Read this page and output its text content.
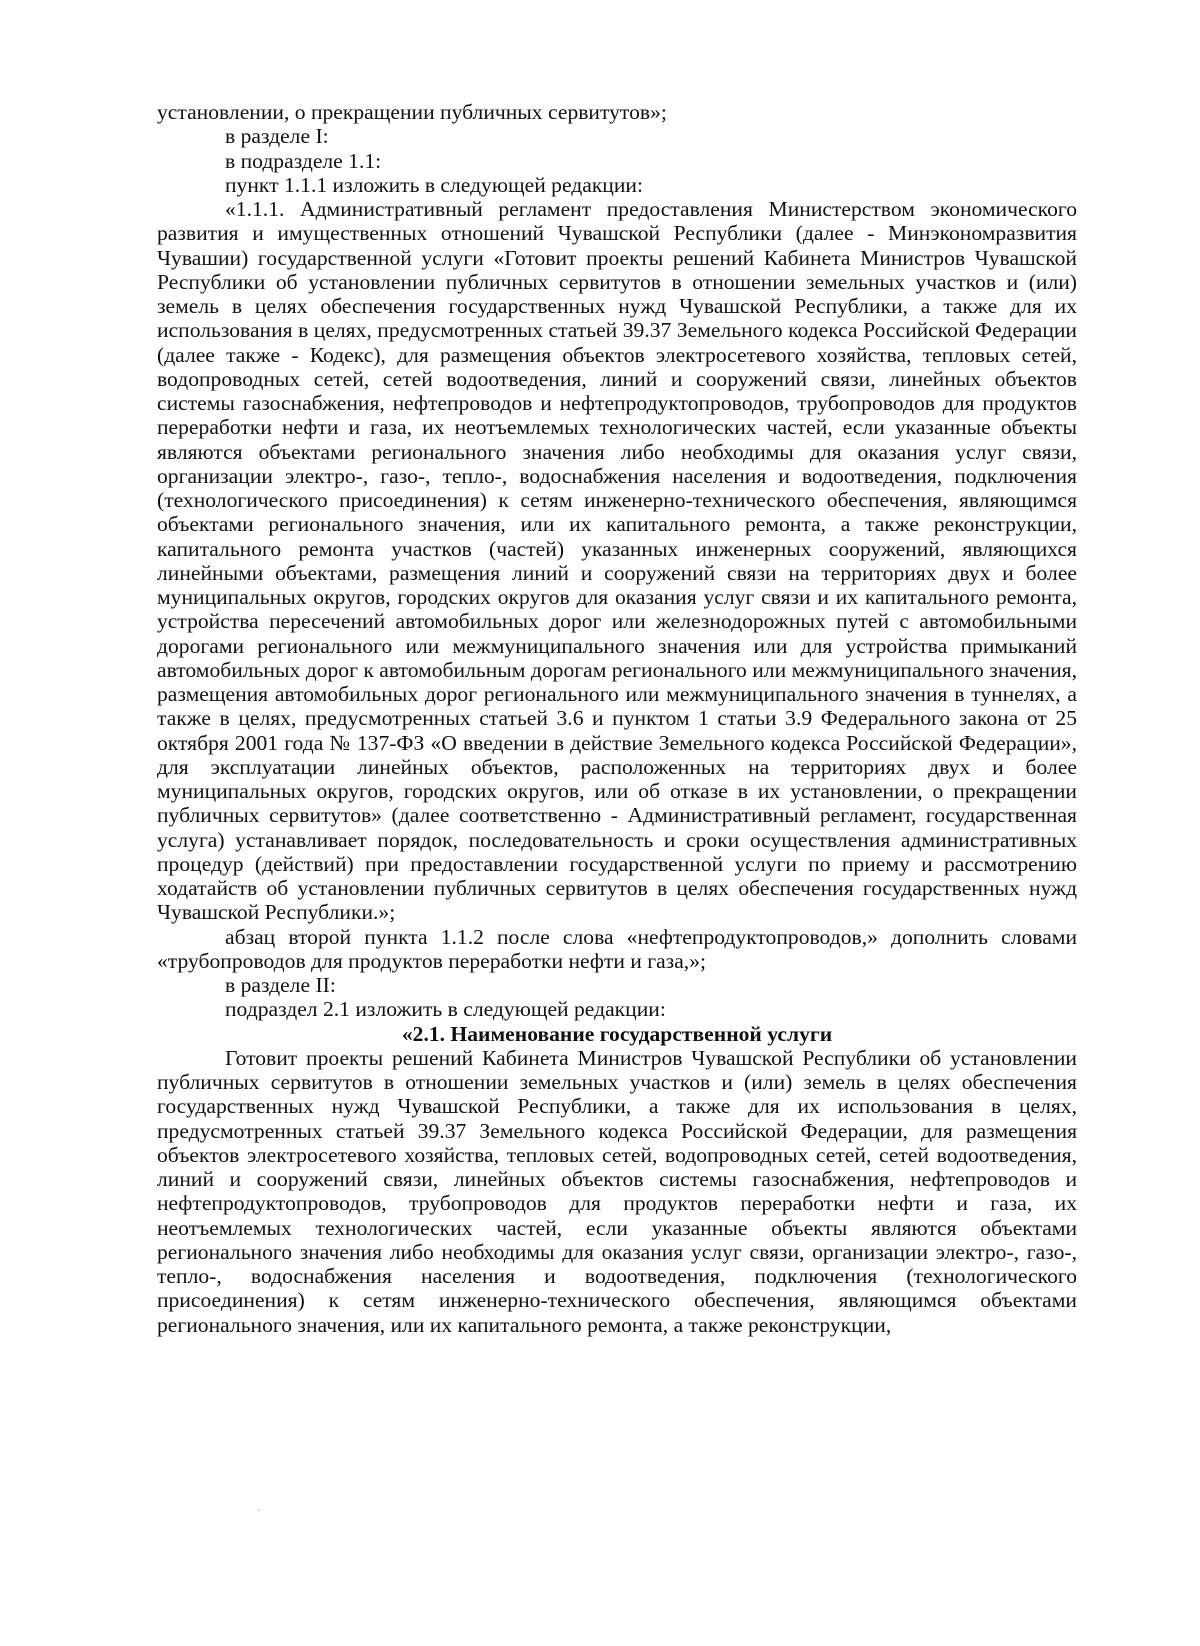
установлении, о прекращении публичных сервитутов»;

в разделе I:

в подразделе 1.1:

пункт 1.1.1 изложить в следующей редакции:

«1.1.1. Административный регламент предоставления Министерством экономического развития и имущественных отношений Чувашской Республики (далее - Минэкономразвития Чувашии) государственной услуги «Готовит проекты решений Кабинета Министров Чувашской Республики об установлении публичных сервитутов в отношении земельных участков и (или) земель в целях обеспечения государственных нужд Чувашской Республики, а также для их использования в целях, предусмотренных статьей 39.37 Земельного кодекса Российской Федерации (далее также - Кодекс), для размещения объектов электросетевого хозяйства, тепловых сетей, водопроводных сетей, сетей водоотведения, линий и сооружений связи, линейных объектов системы газоснабжения, нефтепроводов и нефтепродуктопроводов, трубопроводов для продуктов переработки нефти и газа, их неотъемлемых технологических частей, если указанные объекты являются объектами регионального значения либо необходимы для оказания услуг связи, организации электро-, газо-, тепло-, водоснабжения населения и водоотведения, подключения (технологического присоединения) к сетям инженерно-технического обеспечения, являющимся объектами регионального значения, или их капитального ремонта, а также реконструкции, капитального ремонта участков (частей) указанных инженерных сооружений, являющихся линейными объектами, размещения линий и сооружений связи на территориях двух и более муниципальных округов, городских округов для оказания услуг связи и их капитального ремонта, устройства пересечений автомобильных дорог или железнодорожных путей с автомобильными дорогами регионального или межмуниципального значения или для устройства примыканий автомобильных дорог к автомобильным дорогам регионального или межмуниципального значения, размещения автомобильных дорог регионального или межмуниципального значения в туннелях, а также в целях, предусмотренных статьей 3.6 и пунктом 1 статьи 3.9 Федерального закона от 25 октября 2001 года № 137-ФЗ «О введении в действие Земельного кодекса Российской Федерации», для эксплуатации линейных объектов, расположенных на территориях двух и более муниципальных округов, городских округов, или об отказе в их установлении, о прекращении публичных сервитутов» (далее соответственно - Административный регламент, государственная услуга) устанавливает порядок, последовательность и сроки осуществления административных процедур (действий) при предоставлении государственной услуги по приему и рассмотрению ходатайств об установлении публичных сервитутов в целях обеспечения государственных нужд Чувашской Республики.»;

абзац второй пункта 1.1.2 после слова «нефтепродуктопроводов,» дополнить словами «трубопроводов для продуктов переработки нефти и газа,»;

в разделе II:

подраздел 2.1 изложить в следующей редакции:

«2.1. Наименование государственной услуги

Готовит проекты решений Кабинета Министров Чувашской Республики об установлении публичных сервитутов в отношении земельных участков и (или) земель в целях обеспечения государственных нужд Чувашской Республики, а также для их использования в целях, предусмотренных статьей 39.37 Земельного кодекса Российской Федерации, для размещения объектов электросетевого хозяйства, тепловых сетей, водопроводных сетей, сетей водоотведения, линий и сооружений связи, линейных объектов системы газоснабжения, нефтепроводов и нефтепродуктопроводов, трубопроводов для продуктов переработки нефти и газа, их неотъемлемых технологических частей, если указанные объекты являются объектами регионального значения либо необходимы для оказания услуг связи, организации электро-, газо-, тепло-, водоснабжения населения и водоотведения, подключения (технологического присоединения) к сетям инженерно-технического обеспечения, являющимся объектами регионального значения, или их капитального ремонта, а также реконструкции,
